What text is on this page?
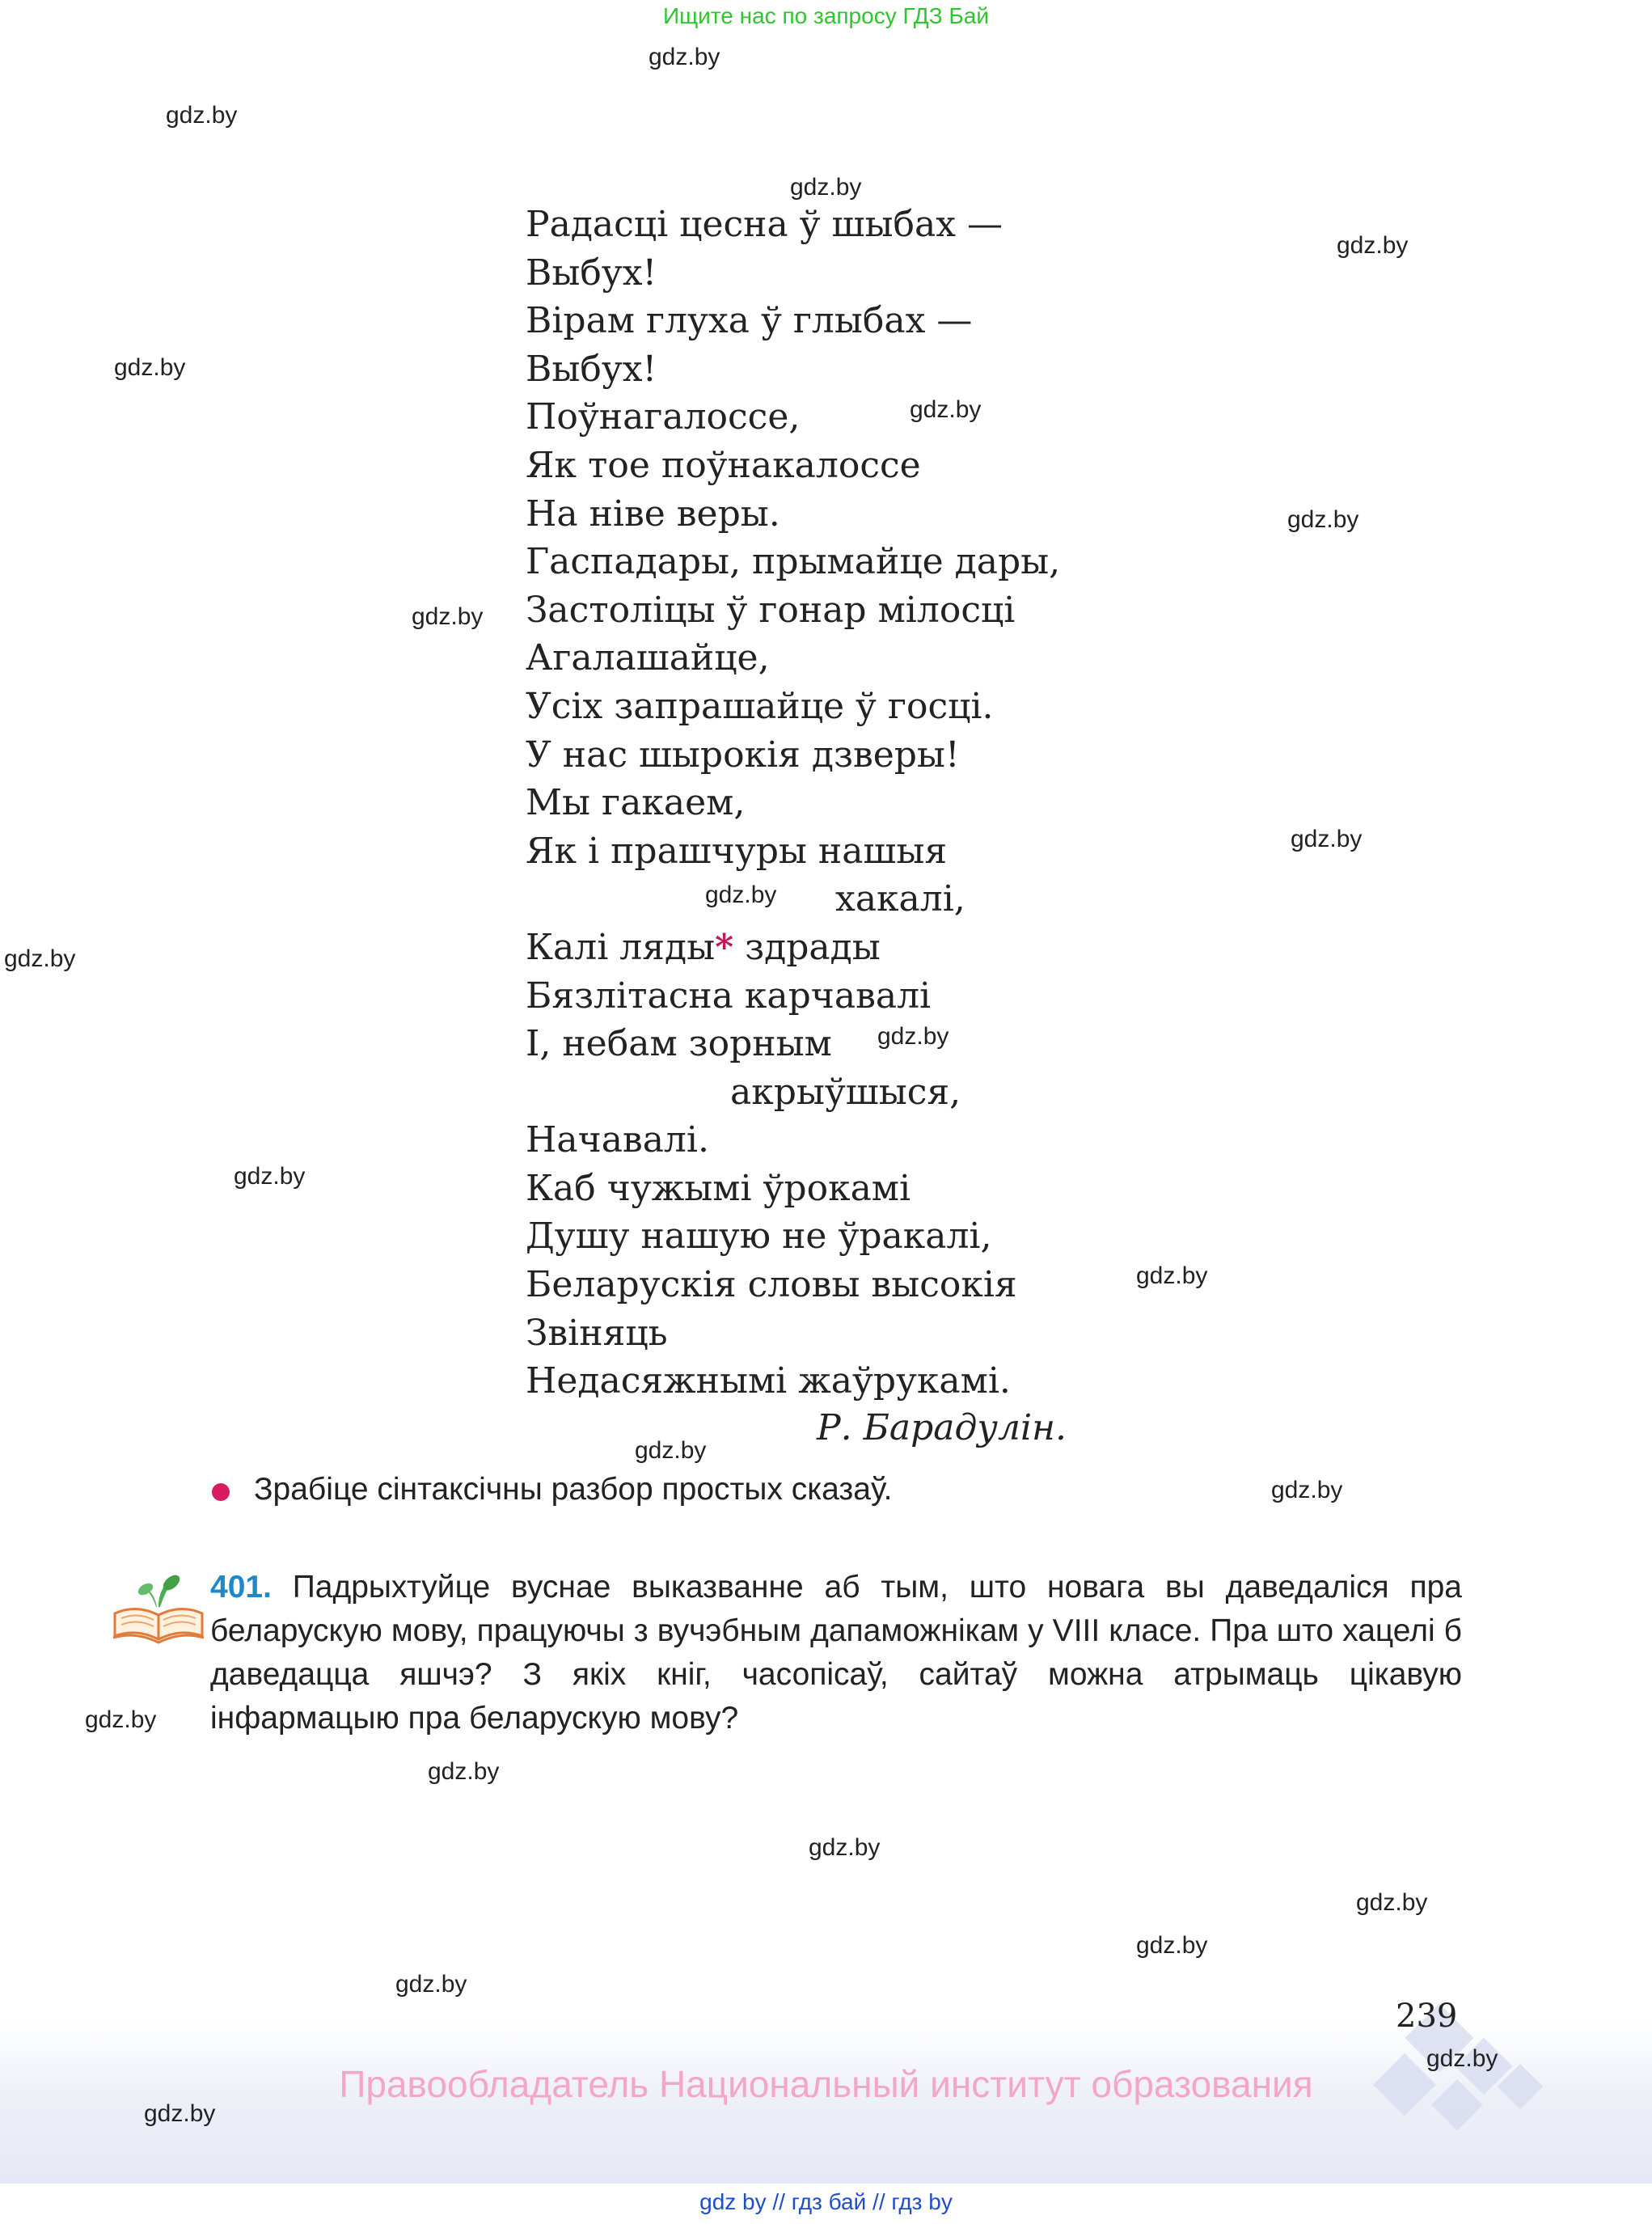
Ищите нас по запросу ГДЗ Бай
gdz.by
gdz.by
gdz.by
gdz.by
gdz.by
gdz.by
gdz.by
gdz.by
gdz.by
gdz.by
gdz.by
gdz.by
gdz.by
gdz.by
gdz.by
gdz.by
gdz.by
gdz.by
gdz.by
gdz.by
gdz.by
gdz.by
Радасці цесна ў шыбах —
Выбух!
Вірам глуха ў глыбах —
Выбух!
Поўнагалоссе,
Як тое поўнакалоссе
На ніве веры.
Гаспадары, прымайце дары,
Застоліцы ў гонар мілосці
Агалашайце,
Усіх запрашайце ў госці.
У нас шырокія дзверы!
Мы гакаем,
Як і прашчуры нашыя
хакалі,
Калі ляды* здрады
Бязлітасна карчавалі
І, небам зорным
акрыўшыся,
Начавалі.
Каб чужымі ўрокамі
Душу нашую не ўракалі,
Беларускія словы высокія
Звіняць
Недасяжнымі жаўрукамі.
Р. Барадулін.
Зрабіце сінтаксічны разбор простых сказаў.
401. Падрыхтуйце вуснае выказванне аб тым, што новага вы даведаліся пра беларускую мову, працуючы з вучэбным дапаможнікам у VIII класе. Пра што хацелі б даведацца яшчэ? З якіх кніг, часопісаў, сайтаў можна атрымаць цікавую інфармацыю пра беларускую мову?
239
gdz.by
Правообладатель Национальный институт образования
gdz.by
gdz by // гдз бай // гдз by
